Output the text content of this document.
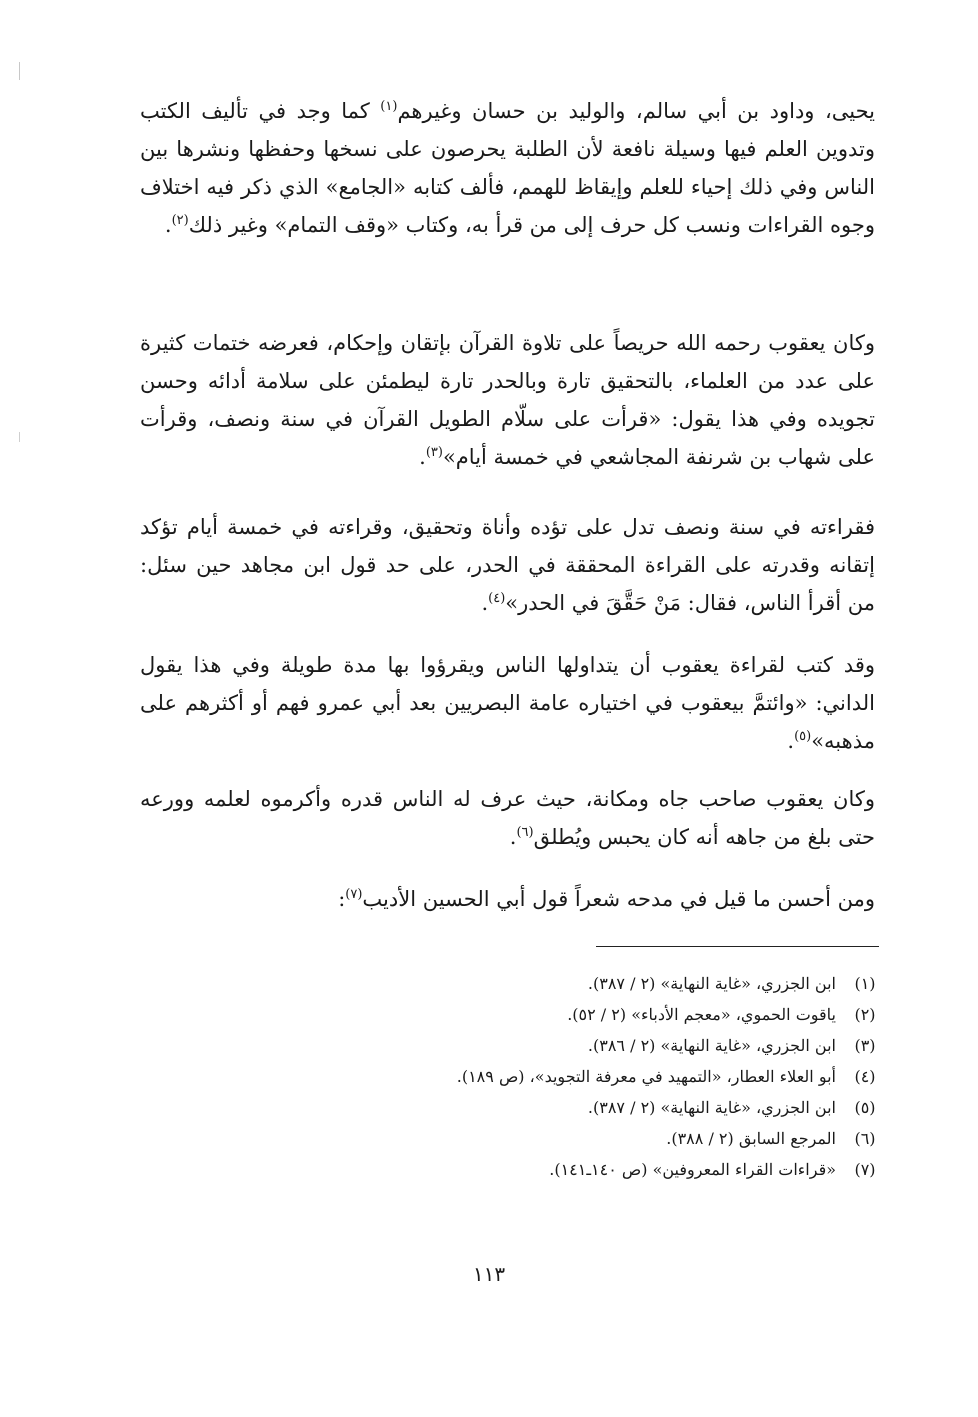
يحيى، وداود بن أبي سالم، والوليد بن حسان وغيرهم$^{(١)}$ كما وجد في تأليف الكتب وتدوين العلم فيها وسيلة نافعة لأن الطلبة يحرصون على نسخها وحفظها ونشرها بين الناس وفي ذلك إحياء للعلم وإيقاظ للهمم، فألف كتابه «الجامع» الذي ذكر فيه اختلاف وجوه القراءات ونسب كل حرف إلى من قرأ به، وكتاب «وقف التمام» وغير ذلك$^{(٢)}$.

وكان يعقوب رحمه الله حريصاً على تلاوة القرآن بإتقان وإحكام، فعرضه ختمات كثيرة على عدد من العلماء، بالتحقيق تارة وبالحدر تارة ليطمئن على سلامة أدائه وحسن تجويده وفي هذا يقول: «قرأت على سلّام الطويل القرآن في سنة ونصف، وقرأت على شهاب بن شرنفة المجاشعي في خمسة أيام»$^{(٣)}$.

فقراءته في سنة ونصف تدل على تؤده وأناة وتحقيق، وقراءته في خمسة أيام تؤكد إتقانه وقدرته على القراءة المحققة في الحدر، على حد قول ابن مجاهد حين سئل: من أقرأ الناس، فقال: مَنْ حَقَّقَ في الحدر»$^{(٤)}$.

وقد كتب لقراءة يعقوب أن يتداولها الناس ويقرؤوا بها مدة طويلة وفي هذا يقول الداني: «وائتمَّ بيعقوب في اختياره عامة البصريين بعد أبي عمرو فهم أو أكثرهم على مذهبه»$^{(٥)}$.

وكان يعقوب صاحب جاه ومكانة، حيث عرف له الناس قدره وأكرموه لعلمه وورعه حتى بلغ من جاهه أنه كان يحبس ويُطلق$^{(٦)}$.

ومن أحسن ما قيل في مدحه شعراً قول أبي الحسين الأديب$^{(٧)}$:

(١)
ابن الجزري، «غاية النهاية» (٢ / ٣٨٧).
(٢)
ياقوت الحموي، «معجم الأدباء» (٢ / ٥٢).
(٣)
ابن الجزري، «غاية النهاية» (٢ / ٣٨٦).
(٤)
أبو العلاء العطار، «التمهيد في معرفة التجويد»، (ص ١٨٩).
(٥)
ابن الجزري، «غاية النهاية» (٢ / ٣٨٧).
(٦)
المرجع السابق (٢ / ٣٨٨).
(٧)
«قراءات القراء المعروفين» (ص ١٤٠ـ١٤١).
١١٣
